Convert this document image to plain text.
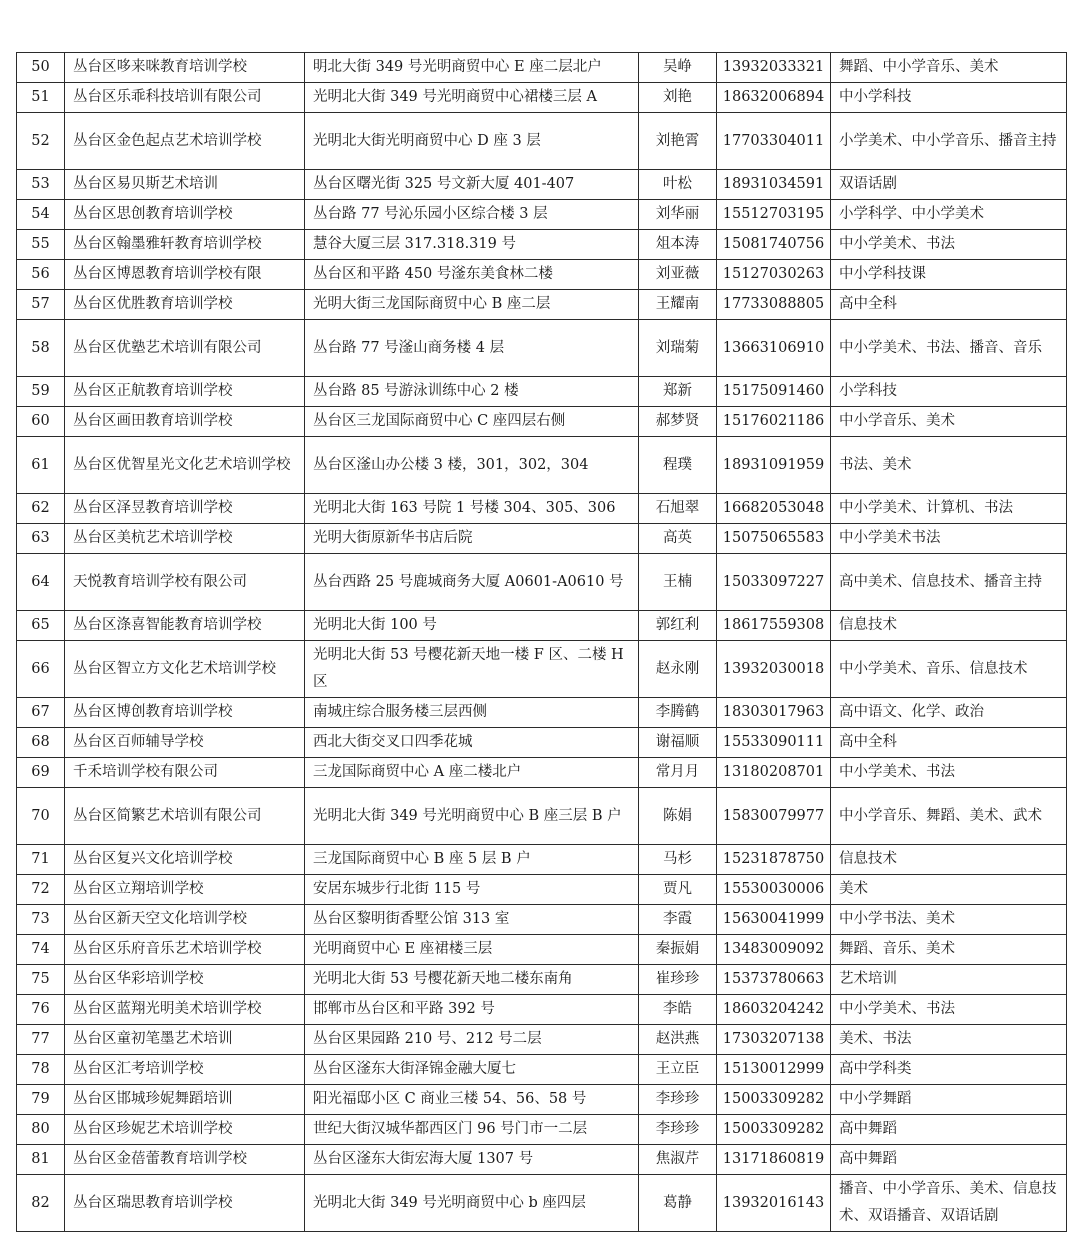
50	丛台区哆来咪教育培训学校	明北大街 349 号光明商贸中心 E 座二层北户	吴峥	13932033321	舞蹈、中小学音乐、美术
51	丛台区乐乖科技培训有限公司	光明北大街 349 号光明商贸中心裙楼三层 A	刘艳	18632006894	中小学科技
52	丛台区金色起点艺术培训学校	光明北大街光明商贸中心 D 座 3 层	刘艳霄	17703304011	小学美术、中小学音乐、播音主持
53	丛台区易贝斯艺术培训	丛台区曙光街 325 号文新大厦 401-407	叶松	18931034591	双语话剧
54	丛台区思创教育培训学校	丛台路 77 号沁乐园小区综合楼 3 层	刘华丽	15512703195	小学科学、中小学美术
55	丛台区翰墨雅轩教育培训学校	慧谷大厦三层 317.318.319 号	俎本涛	15081740756	中小学美术、书法
56	丛台区博恩教育培训学校有限	丛台区和平路 450 号滏东美食林二楼	刘亚薇	15127030263	中小学科技课
57	丛台区优胜教育培训学校	光明大街三龙国际商贸中心 B 座二层	王耀南	17733088805	高中全科
58	丛台区优塾艺术培训有限公司	丛台路 77 号滏山商务楼 4 层	刘瑞菊	13663106910	中小学美术、书法、播音、音乐
59	丛台区正航教育培训学校	丛台路 85 号游泳训练中心 2 楼	郑新	15175091460	小学科技
60	丛台区画田教育培训学校	丛台区三龙国际商贸中心 C 座四层右侧	郝梦贤	15176021186	中小学音乐、美术
61	丛台区优智星光文化艺术培训学校	丛台区滏山办公楼 3 楼，301，302，304	程璞	18931091959	书法、美术
62	丛台区泽昱教育培训学校	光明北大街 163 号院 1 号楼 304、305、306	石旭翠	16682053048	中小学美术、计算机、书法
63	丛台区美杭艺术培训学校	光明大街原新华书店后院	高英	15075065583	中小学美术书法
64	天悦教育培训学校有限公司	丛台西路 25 号鹿城商务大厦 A0601-A0610 号	王楠	15033097227	高中美术、信息技术、播音主持
65	丛台区涤喜智能教育培训学校	光明北大街 100 号	郭红利	18617559308	信息技术
66	丛台区智立方文化艺术培训学校	光明北大街 53 号樱花新天地一楼 F 区、二楼 H 区	赵永刚	13932030018	中小学美术、音乐、信息技术
67	丛台区博创教育培训学校	南城庄综合服务楼三层西侧	李腾鹤	18303017963	高中语文、化学、政治
68	丛台区百师辅导学校	西北大街交叉口四季花城	谢福顺	15533090111	高中全科
69	千禾培训学校有限公司	三龙国际商贸中心 A 座二楼北户	常月月	13180208701	中小学美术、书法
70	丛台区简繁艺术培训有限公司	光明北大街 349 号光明商贸中心 B 座三层 B 户	陈娟	15830079977	中小学音乐、舞蹈、美术、武术
71	丛台区复兴文化培训学校	三龙国际商贸中心 B 座 5 层 B 户	马杉	15231878750	信息技术
72	丛台区立翔培训学校	安居东城步行北街 115 号	贾凡	15530030006	美术
73	丛台区新天空文化培训学校	丛台区黎明街香墅公馆 313 室	李霞	15630041999	中小学书法、美术
74	丛台区乐府音乐艺术培训学校	光明商贸中心 E 座裙楼三层	秦振娟	13483009092	舞蹈、音乐、美术
75	丛台区华彩培训学校	光明北大街 53 号樱花新天地二楼东南角	崔珍珍	15373780663	艺术培训
76	丛台区蓝翔光明美术培训学校	邯郸市丛台区和平路 392 号	李皓	18603204242	中小学美术、书法
77	丛台区童初笔墨艺术培训	丛台区果园路 210 号、212 号二层	赵洪燕	17303207138	美术、书法
78	丛台区汇考培训学校	丛台区滏东大街泽锦金融大厦七	王立臣	15130012999	高中学科类
79	丛台区邯城珍妮舞蹈培训	阳光福邸小区 C 商业三楼 54、56、58 号	李珍珍	15003309282	中小学舞蹈
80	丛台区珍妮艺术培训学校	世纪大街汉城华都西区门 96 号门市一二层	李珍珍	15003309282	高中舞蹈
81	丛台区金蓓蕾教育培训学校	丛台区滏东大街宏海大厦 1307 号	焦淑芹	13171860819	高中舞蹈
82	丛台区瑞思教育培训学校	光明北大街 349 号光明商贸中心 b 座四层	葛静	13932016143	播音、中小学音乐、美术、信息技术、双语播音、双语话剧
